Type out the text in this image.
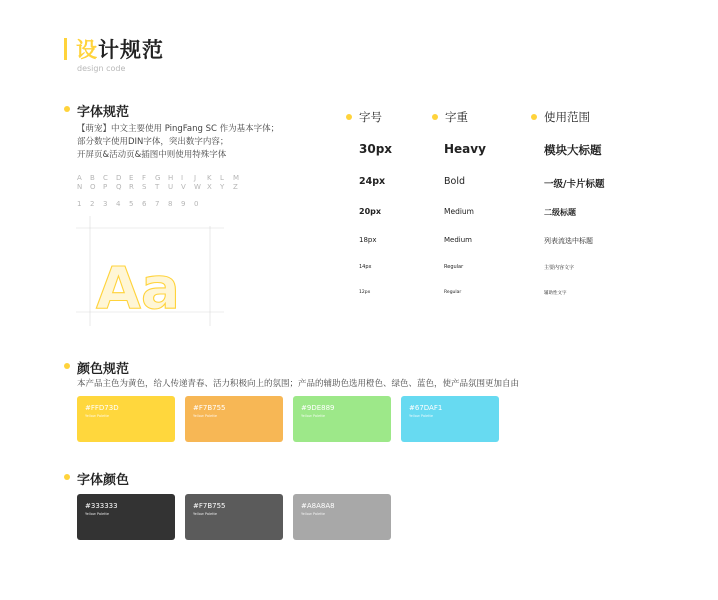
设计规范
design code
字体规范
【萌宠】中文主要使用 PingFang SC 作为基本字体；
部分数字使用DIN字体，突出数字内容；
开屏页&活动页&插图中则使用特殊字体
A B C D E F G H I J K L M
N O P Q R S T U V W X Y Z
1 2 3 4 5 6 7 8 9 0
Aa
字号	字重	使用范围
30px	Heavy	模块大标题
24px	Bold	一级/卡片标题
20px	Medium	二级标题
18px	Medium	列表流选中标题
14px	Regular	主要内容文字
12px	Regular	辅助性文字
颜色规范
本产品主色为黄色，给人传递青春、活力积极向上的氛围；产品的辅助色选用橙色、绿色、蓝色，使产品氛围更加自由
#FFD73D
Yellow Palette
#F7B755
Yellow Palette
#9DE889
Yellow Palette
#67DAF1
Yellow Palette
字体颜色
#333333
Yellow Palette
#F7B755
Yellow Palette
#A8A8A8
Yellow Palette
